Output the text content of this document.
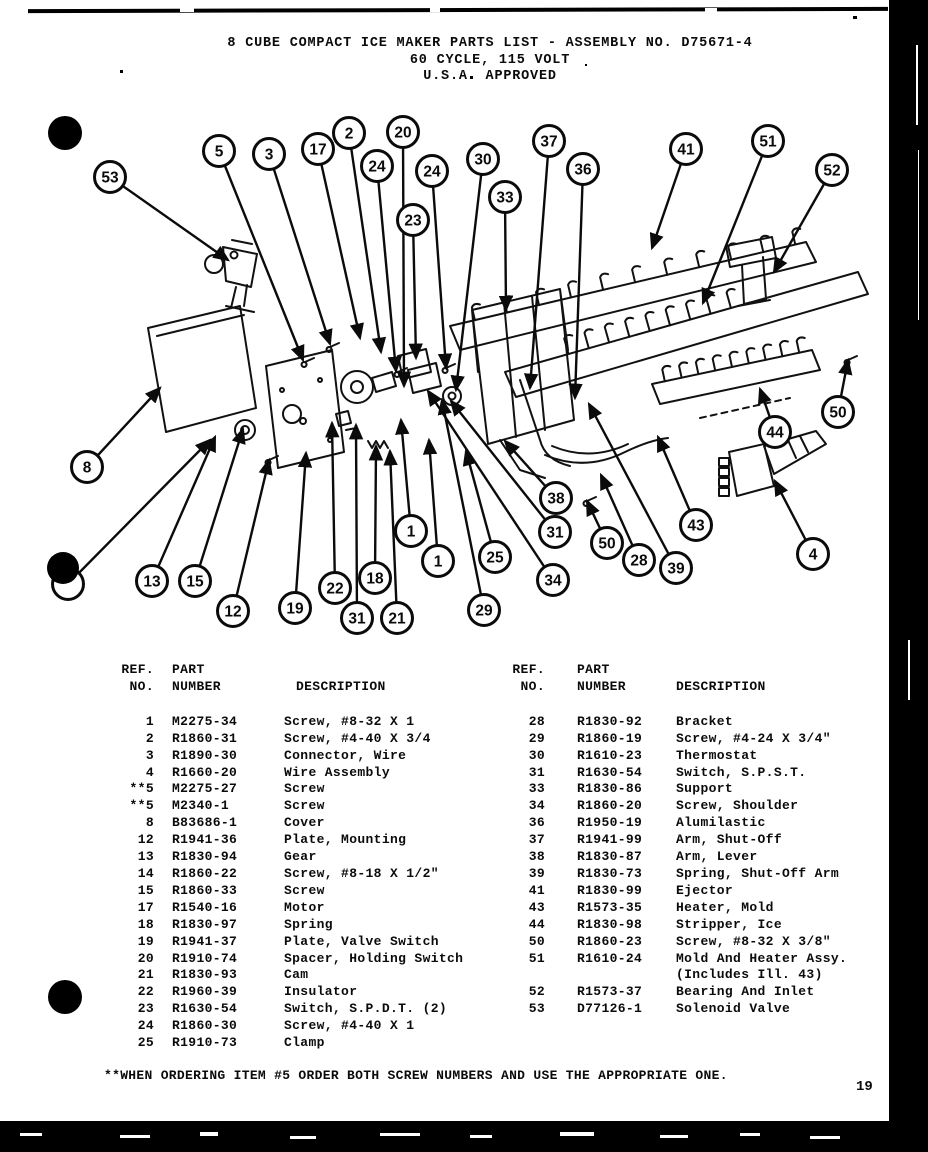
53
5	3 17
2
24
20
23
24
30
33
37
36
41	51
52
8
13 15
12	19
22
31
18
21
1
1	25
29
38
31
34
50
28 39
43
44
50
4
8 CUBE COMPACT ICE MAKER PARTS LIST - ASSEMBLY NO. D75671-4
60 CYCLE, 115 VOLT
U.S.A. APPROVED
REF. PART
NO. NUMBER	DESCRIPTION
1 M2275-34	Screw, #8-32 X 1
2 R1860-31	Screw, #4-40 X 3/4
3 R1890-30	Connector, Wire
4 R1660-20	Wire Assembly
**5 M2275-27	Screw
**5 M2340-1	Screw
8 B83686-1	Cover
12 R1941-36	Plate, Mounting
13 R1830-94	Gear
14 R1860-22	Screw, #8-18 X 1/2"
15 R1860-33	Screw
17 R1540-16	Motor
18 R1830-97	Spring
19 R1941-37	Plate, Valve Switch
20 R1910-74	Spacer, Holding Switch
21 R1830-93	Cam
22 R1960-39	Insulator
23 R1630-54	Switch, S.P.D.T. (2)
24 R1860-30	Screw, #4-40 X 1
25 R1910-73	Clamp
REF. PART
NO. NUMBER	DESCRIPTION
28 R1830-92	Bracket
29 R1860-19	Screw, #4-24 X 3/4"
30 R1610-23	Thermostat
31 R1630-54	Switch, S.P.S.T.
33 R1830-86	Support
34 R1860-20	Screw, Shoulder
36 R1950-19	Alumilastic
37 R1941-99	Arm, Shut-Off
38 R1830-87	Arm, Lever
39 R1830-73	Spring, Shut-Off Arm
41 R1830-99	Ejector
43 R1573-35	Heater, Mold
44 R1830-98	Stripper, Ice
50 R1860-23	Screw, #8-32 X 3/8"
51 R1610-24	Mold And Heater Assy.
(Includes Ill. 43)
52 R1573-37	Bearing And Inlet
53 D77126-1	Solenoid Valve
**WHEN ORDERING ITEM #5 ORDER BOTH SCREW NUMBERS AND USE THE APPROPRIATE ONE.
19
